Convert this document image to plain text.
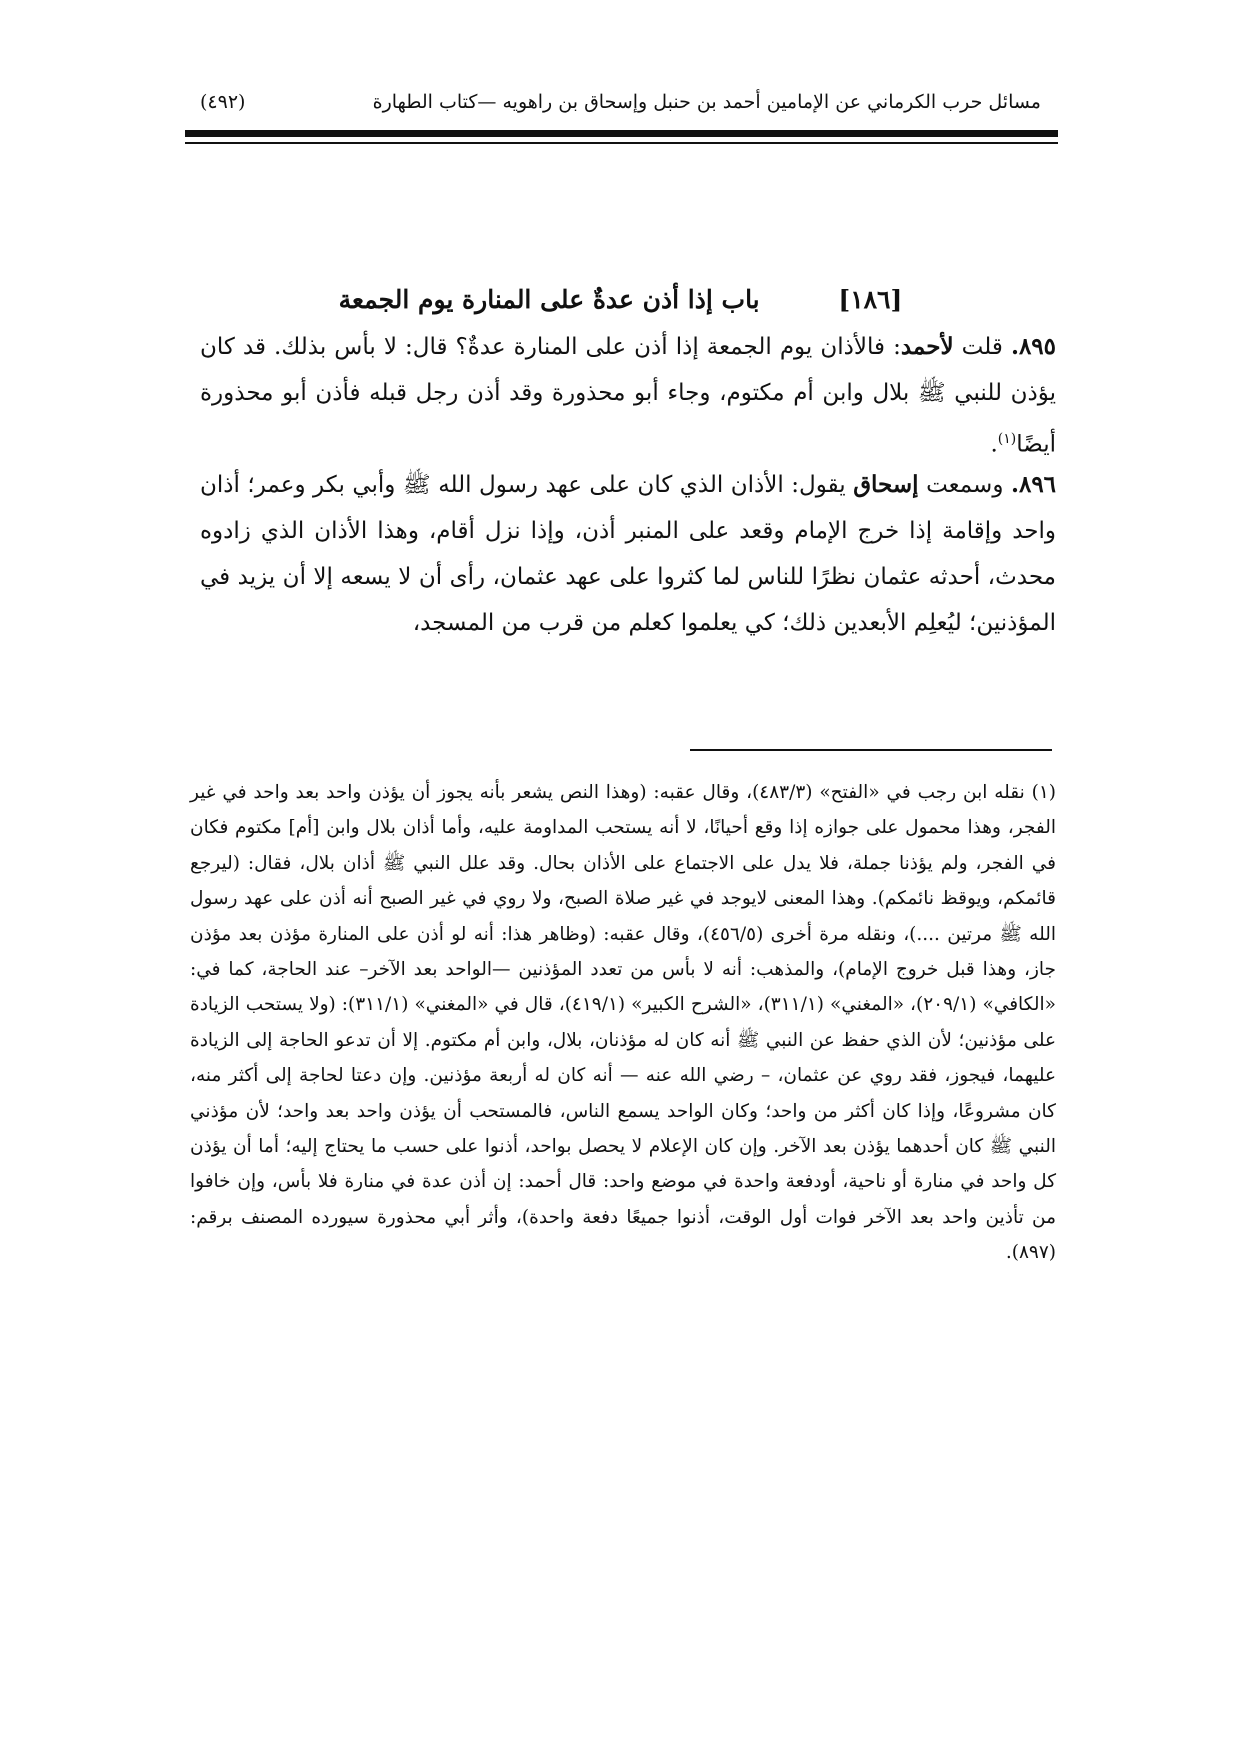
مسائل حرب الكرماني عن الإمامين أحمد بن حنبل وإسحاق بن راهويه —كتاب الطهارة
(٤٩٢)
[١٨٦] باب إذا أذن عدةٌ على المنارة يوم الجمعة
٨٩٥. قلت لأحمد: فالأذان يوم الجمعة إذا أذن على المنارة عدةٌ؟ قال: لا بأس بذلك. قد كان يؤذن للنبي ﷺ بلال وابن أم مكتوم، وجاء أبو محذورة وقد أذن رجل قبله فأذن أبو محذورة أيضًا$^{(١)}$.
٨٩٦. وسمعت إسحاق يقول: الأذان الذي كان على عهد رسول الله ﷺ وأبي بكر وعمر؛ أذان واحد وإقامة إذا خرج الإمام وقعد على المنبر أذن، وإذا نزل أقام، وهذا الأذان الذي زادوه محدث، أحدثه عثمان نظرًا للناس لما كثروا على عهد عثمان، رأى أن لا يسعه إلا أن يزيد في المؤذنين؛ ليُعلِم الأبعدين ذلك؛ كي يعلموا كعلم من قرب من المسجد،
(١) نقله ابن رجب في «الفتح» (٤٨٣/٣)، وقال عقبه: (وهذا النص يشعر بأنه يجوز أن يؤذن واحد بعد واحد في غير الفجر، وهذا محمول على جوازه إذا وقع أحيانًا، لا أنه يستحب المداومة عليه، وأما أذان بلال وابن [أم] مكتوم فكان في الفجر، ولم يؤذنا جملة، فلا يدل على الاجتماع على الأذان بحال. وقد علل النبي ﷺ أذان بلال، فقال: (ليرجع قائمكم، ويوقظ نائمكم). وهذا المعنى لايوجد في غير صلاة الصبح، ولا روي في غير الصبح أنه أذن على عهد رسول الله ﷺ مرتين ....)، ونقله مرة أخرى (٤٥٦/٥)، وقال عقبه: (وظاهر هذا: أنه لو أذن على المنارة مؤذن بعد مؤذن جاز، وهذا قبل خروج الإمام)، والمذهب: أنه لا بأس من تعدد المؤذنين —الواحد بعد الآخر– عند الحاجة، كما في: «الكافي» (٢٠٩/١)، «المغني» (٣١١/١)، «الشرح الكبير» (٤١٩/١)، قال في «المغني» (٣١١/١): (ولا يستحب الزيادة على مؤذنين؛ لأن الذي حفظ عن النبي ﷺ أنه كان له مؤذنان، بلال، وابن أم مكتوم. إلا أن تدعو الحاجة إلى الزيادة عليهما، فيجوز، فقد روي عن عثمان، – رضي الله عنه — أنه كان له أربعة مؤذنين. وإن دعتا لحاجة إلى أكثر منه، كان مشروعًا، وإذا كان أكثر من واحد؛ وكان الواحد يسمع الناس، فالمستحب أن يؤذن واحد بعد واحد؛ لأن مؤذني النبي ﷺ كان أحدهما يؤذن بعد الآخر. وإن كان الإعلام لا يحصل بواحد، أذنوا على حسب ما يحتاج إليه؛ أما أن يؤذن كل واحد في منارة أو ناحية، أودفعة واحدة في موضع واحد: قال أحمد: إن أذن عدة في منارة فلا بأس، وإن خافوا من تأذين واحد بعد الآخر فوات أول الوقت، أذنوا جميعًا دفعة واحدة)، وأثر أبي محذورة سيورده المصنف برقم: (٨٩٧).
